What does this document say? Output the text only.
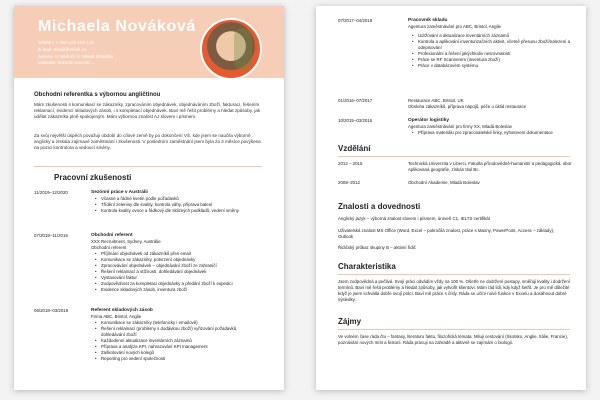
Michaela Nováková
Telefon: + 420 123 123 123
E-mail: email@email.cz
Adresa: U Nádraží 5, Mladá Boleslav
LinkedIn: linkedin.com/in/...
Obchodní referentka s výbornou angličtinou
Mám zkušenosti s komunikací se zákazníky, zpracováním objednávek, objednáváním zboží, fakturací, řešením reklamací, evidencí skladových zásob, i s kompletací objednávek. Baví mě řešit problémy a hledat způsoby, jak udělat zákazníka plně spokojeným. Mám výbornou znalost AJ slovem i písmem.
Za svůj největší úspěch považuji období do cílové země by po dokončení VŠ, kde jsem se naučila výborně anglicky a získala zajímavé zaměstnání i zkušenosti. V posledním zaměstnání jsem byla za 3 měsíce povýšena na pozici kontrolora a vedoucí směny.
Pracovní zkušenosti
11/2019–12/2020	Sezónní práce v Austrálii
• Včasné a řádné kvetin podle požadavků
• Třídění zeleniny dle kvality, kontrola váhy, příprava balení
• Kontrola kvality ovoce a řádkový dle sklizných podkladů, vedení směny
07/2019–11/2019	Obchodní referent
XXX Recruitment, Sydney, Austrálie
Obchodní referent
• Příjímání objednávek od zákazníků přes email
• Komunikace se zákazníky, potvrzení objednávky
• Zpracovávání objednávek – objednávání zboží ze zahraničí
• Řešení reklamací a stížností, dohledávání objednávek
• Vystavování faktur
• Zodpovědnost za kompletaci objednávky a předání zboží k expedici
• Evidence skladových zásob, inventura zboží
06/2018–03/2019	Referent skladových zásob
Firma ABC, Bristol, Anglie
• Komunikace se zákazníky (telefonicky i emailově)
• Řešení reklamací (problémy s dodávkou zboží) vyřizování požadavků, dohledávání zboží
• Každodenní aktualizace inventárních záznamů
• Příprava a analýza KPI, nahrazování KPI management
• Zaškolování nových kolegů
• Reporting pro vedení společnosti
07/2017–04/2018	Pracovník skladu
Agentura zaměstnávání pro ABC, Bristol, Anglie
• Udržování a aktualizace inventárních záznamů
• Kontrola a aplikování inventurizačních aktivit, včetně přesunu zboží/nalezení a odepisování
• Profesionální a řešení jakýchkoliv nesrovnalostí
• Práce se RF Scannerem (inventura zboží)
• Práce v databázovém systému
01/2016–07/2017	Restaurace ABC, Bristol, UK
Obsluha zákazníků, příprava nápojů, péče o úklid restaurace
10/2015–03/2016	Operátor logistiky
Agentura zaměstnávání pro firmy XX, Mladá Boleslav
• Příprava materiálu pro zpracovatelské linky, vyhotovení dokumentace
Vzdělání
2012 – 2015	Technická Univerzita v Liberci, Fakulta přírodovědně-humanitní a pedagogická, obor Aplikovaná geografie, získán titul Bc.
2008–2012	Obchodní Akademie, Mladá Boleslav
Znalosti a dovednosti
Anglický jazyk – výborná znalost slovem i písmem, úroveň C1, IELTS certifikát
Uživatelská znalost MS Office (Word, Excel – pokročilá znalost, práce s Maxny, PowerPoint, Access – základy), Outlook
Řidičský průkaz skupiny B – aktivní řidič
Charakteristika
Jsem zodpovědná a pečlivá. Svojí práci odvádím vždy na 100 %. Ošetře ne dodržení postupy, směřuji kvality i dodržení termínů. Baví mě řešit problémy a hledat způsoby, jak vytvořit klientovi. Mám rád lidi, kdy když šetřit. Je pro mě důležité když je jsem schválla dobře svojí práci. Baví mě práce s čísly. Ráda se učím nové funkce v Excelu a dosáhnout dobré výsledky.
Zájmy
Ve volném čase ráda čtu – fantasy, literaturu faktu, filozofická témata. Miluji cestování (Skotsko, Anglie, Itálie, Francie), poznávání nových míst a historii. Ráda pracuji na zahradě a aktivně se zajímám o biologii.
